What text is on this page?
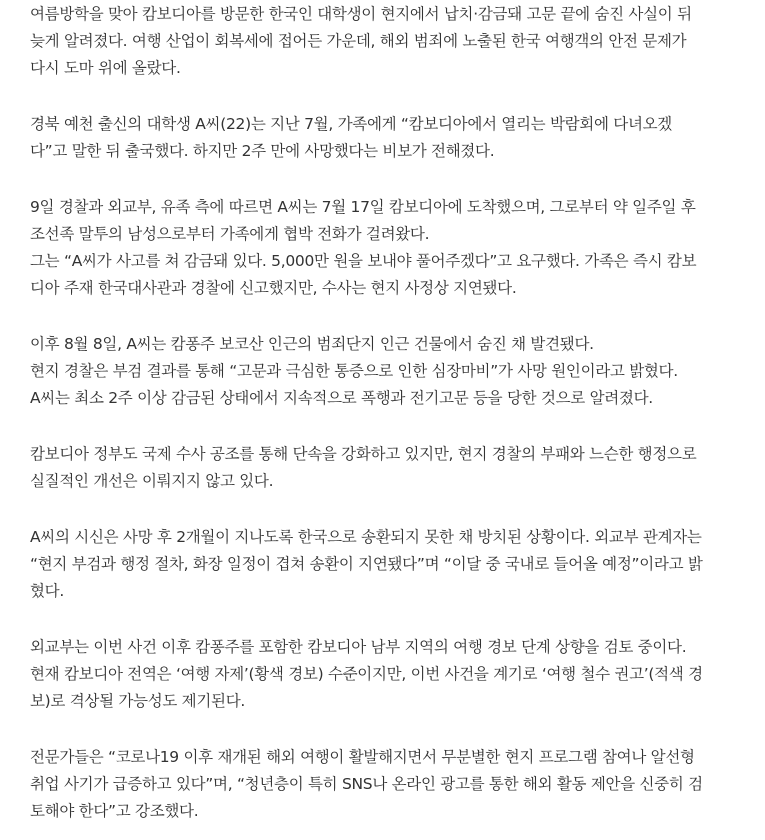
여름방학을 맞아 캄보디아를 방문한 한국인 대학생이 현지에서 납치·감금돼 고문 끝에 숨진 사실이 뒤
늦게 알려졌다. 여행 산업이 회복세에 접어든 가운데, 해외 범죄에 노출된 한국 여행객의 안전 문제가
다시 도마 위에 올랐다.
경북 예천 출신의 대학생 A씨(22)는 지난 7월, 가족에게 “캄보디아에서 열리는 박람회에 다녀오겠
다”고 말한 뒤 출국했다. 하지만 2주 만에 사망했다는 비보가 전해졌다.
9일 경찰과 외교부, 유족 측에 따르면 A씨는 7월 17일 캄보디아에 도착했으며, 그로부터 약 일주일 후
조선족 말투의 남성으로부터 가족에게 협박 전화가 걸려왔다.
그는 “A씨가 사고를 쳐 감금돼 있다. 5,000만 원을 보내야 풀어주겠다”고 요구했다. 가족은 즉시 캄보
디아 주재 한국대사관과 경찰에 신고했지만, 수사는 현지 사정상 지연됐다.
이후 8월 8일, A씨는 캄퐁주 보코산 인근의 범죄단지 인근 건물에서 숨진 채 발견됐다.
현지 경찰은 부검 결과를 통해 “고문과 극심한 통증으로 인한 심장마비”가 사망 원인이라고 밝혔다.
A씨는 최소 2주 이상 감금된 상태에서 지속적으로 폭행과 전기고문 등을 당한 것으로 알려졌다.
캄보디아 정부도 국제 수사 공조를 통해 단속을 강화하고 있지만, 현지 경찰의 부패와 느슨한 행정으로
실질적인 개선은 이뤄지지 않고 있다.
A씨의 시신은 사망 후 2개월이 지나도록 한국으로 송환되지 못한 채 방치된 상황이다. 외교부 관계자는
“현지 부검과 행정 절차, 화장 일정이 겹쳐 송환이 지연됐다”며 “이달 중 국내로 들어올 예정”이라고 밝
혔다.
외교부는 이번 사건 이후 캄퐁주를 포함한 캄보디아 남부 지역의 여행 경보 단계 상향을 검토 중이다.
현재 캄보디아 전역은 ‘여행 자제’(황색 경보) 수준이지만, 이번 사건을 계기로 ‘여행 철수 권고’(적색 경
보)로 격상될 가능성도 제기된다.
전문가들은 “코로나19 이후 재개된 해외 여행이 활발해지면서 무분별한 현지 프로그램 참여나 알선형
취업 사기가 급증하고 있다”며, “청년층이 특히 SNS나 온라인 광고를 통한 해외 활동 제안을 신중히 검
토해야 한다”고 강조했다.
